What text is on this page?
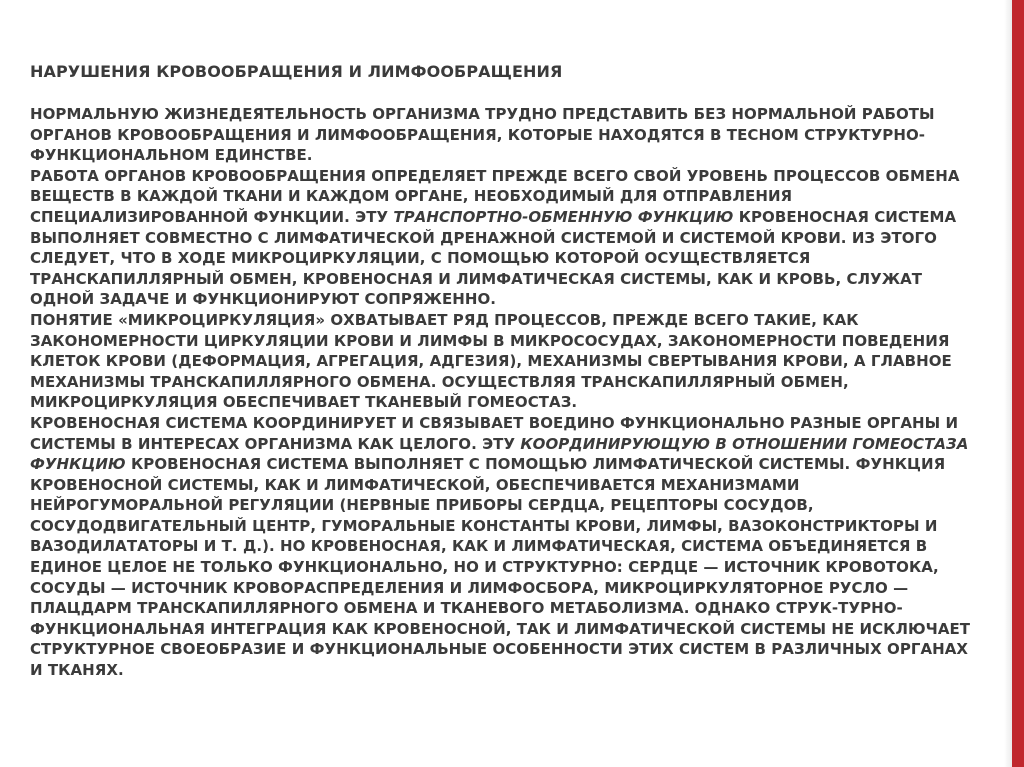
НАРУШЕНИЯ КРОВООБРАЩЕНИЯ И ЛИМФООБРАЩЕНИЯ

НОРМАЛЬНУЮ ЖИЗНЕДЕЯТЕЛЬНОСТЬ ОРГАНИЗМА ТРУДНО ПРЕДСТАВИТЬ БЕЗ НОРМАЛЬНОЙ РАБОТЫ ОРГАНОВ КРОВООБРАЩЕНИЯ И ЛИМФООБРАЩЕНИЯ, КОТОРЫЕ НАХОДЯТСЯ В ТЕСНОМ СТРУКТУРНО-ФУНКЦИОНАЛЬНОМ ЕДИНСТВЕ.
РАБОТА ОРГАНОВ КРОВООБРАЩЕНИЯ ОПРЕДЕЛЯЕТ ПРЕЖДЕ ВСЕГО СВОЙ УРОВЕНЬ ПРОЦЕССОВ ОБМЕНА ВЕЩЕСТВ В КАЖДОЙ ТКАНИ И КАЖДОМ ОРГАНЕ, НЕОБХОДИМЫЙ ДЛЯ ОТПРАВЛЕНИЯ СПЕЦИАЛИЗИРОВАННОЙ ФУНКЦИИ. ЭТУ ТРАНСПОРТНО-ОБМЕННУЮ ФУНКЦИЮ КРОВЕНОСНАЯ СИСТЕМА ВЫПОЛНЯЕТ СОВМЕСТНО С ЛИМФАТИЧЕСКОЙ ДРЕНАЖНОЙ СИСТЕМОЙ И СИСТЕМОЙ КРОВИ. ИЗ ЭТОГО СЛЕДУЕТ, ЧТО В ХОДЕ МИКРОЦИРКУЛЯЦИИ, С ПОМОЩЬЮ КОТОРОЙ ОСУЩЕСТВЛЯЕТСЯ ТРАНСКАПИЛЛЯРНЫЙ ОБМЕН, КРОВЕНОСНАЯ И ЛИМФАТИЧЕСКАЯ СИСТЕМЫ, КАК И КРОВЬ, СЛУЖАТ ОДНОЙ ЗАДАЧЕ И ФУНКЦИОНИРУЮТ СОПРЯЖЕННО.
ПОНЯТИЕ «МИКРОЦИРКУЛЯЦИЯ» ОХВАТЫВАЕТ РЯД ПРОЦЕССОВ, ПРЕЖДЕ ВСЕГО ТАКИЕ, КАК ЗАКОНОМЕРНОСТИ ЦИРКУЛЯЦИИ КРОВИ И ЛИМФЫ В МИКРОСОСУДАХ, ЗАКОНОМЕРНОСТИ ПОВЕДЕНИЯ КЛЕТОК КРОВИ (ДЕФОРМАЦИЯ, АГРЕГАЦИЯ, АДГЕЗИЯ), МЕХАНИЗМЫ СВЕРТЫВАНИЯ КРОВИ, А ГЛАВНОЕ МЕХАНИЗМЫ ТРАНСКАПИЛЛЯРНОГО ОБМЕНА. ОСУЩЕСТВЛЯЯ ТРАНСКАПИЛЛЯРНЫЙ ОБМЕН, МИКРОЦИРКУЛЯЦИЯ ОБЕСПЕЧИВАЕТ ТКАНЕВЫЙ ГОМЕОСТАЗ.
КРОВЕНОСНАЯ СИСТЕМА КООРДИНИРУЕТ И СВЯЗЫВАЕТ ВОЕДИНО ФУНКЦИОНАЛЬНО РАЗНЫЕ ОРГАНЫ И СИСТЕМЫ В ИНТЕРЕСАХ ОРГАНИЗМА КАК ЦЕЛОГО. ЭТУ КООРДИНИРУЮЩУЮ В ОТНОШЕНИИ ГОМЕОСТАЗА ФУНКЦИЮ КРОВЕНОСНАЯ СИСТЕМА ВЫПОЛНЯЕТ С ПОМОЩЬЮ ЛИМФАТИЧЕСКОЙ СИСТЕМЫ. ФУНКЦИЯ КРОВЕНОСНОЙ СИСТЕМЫ, КАК И ЛИМФАТИЧЕСКОЙ, ОБЕСПЕЧИВАЕТСЯ МЕХАНИЗМАМИ НЕЙРОГУМОРАЛЬНОЙ РЕГУЛЯЦИИ (НЕРВНЫЕ ПРИБОРЫ СЕРДЦА, РЕЦЕПТОРЫ СОСУДОВ, СОСУДОДВИГАТЕЛЬНЫЙ ЦЕНТР, ГУМОРАЛЬНЫЕ КОНСТАНТЫ КРОВИ, ЛИМФЫ, ВАЗОКОНСТРИКТОРЫ И ВАЗОДИЛАТАТОРЫ И Т. Д.). НО КРОВЕНОСНАЯ, КАК И ЛИМФАТИЧЕСКАЯ, СИСТЕМА ОБЪЕДИНЯЕТСЯ В ЕДИНОЕ ЦЕЛОЕ НЕ ТОЛЬКО ФУНКЦИОНАЛЬНО, НО И СТРУКТУРНО: СЕРДЦЕ — ИСТОЧНИК КРОВОТОКА, СОСУДЫ — ИСТОЧНИК КРОВОРАСПРЕДЕЛЕНИЯ И ЛИМФОСБОРА, МИКРОЦИРКУЛЯТОРНОЕ РУСЛО — ПЛАЦДАРМ ТРАНСКАПИЛЛЯРНОГО ОБМЕНА И ТКАНЕВОГО МЕТАБОЛИЗМА. ОДНАКО СТРУК-ТУРНО-ФУНКЦИОНАЛЬНАЯ ИНТЕГРАЦИЯ КАК КРОВЕНОСНОЙ, ТАК И ЛИМФАТИЧЕСКОЙ СИСТЕМЫ НЕ ИСКЛЮЧАЕТ СТРУКТУРНОЕ СВОЕОБРАЗИЕ И ФУНКЦИОНАЛЬНЫЕ ОСОБЕННОСТИ ЭТИХ СИСТЕМ В РАЗЛИЧНЫХ ОРГАНАХ И ТКАНЯХ.
